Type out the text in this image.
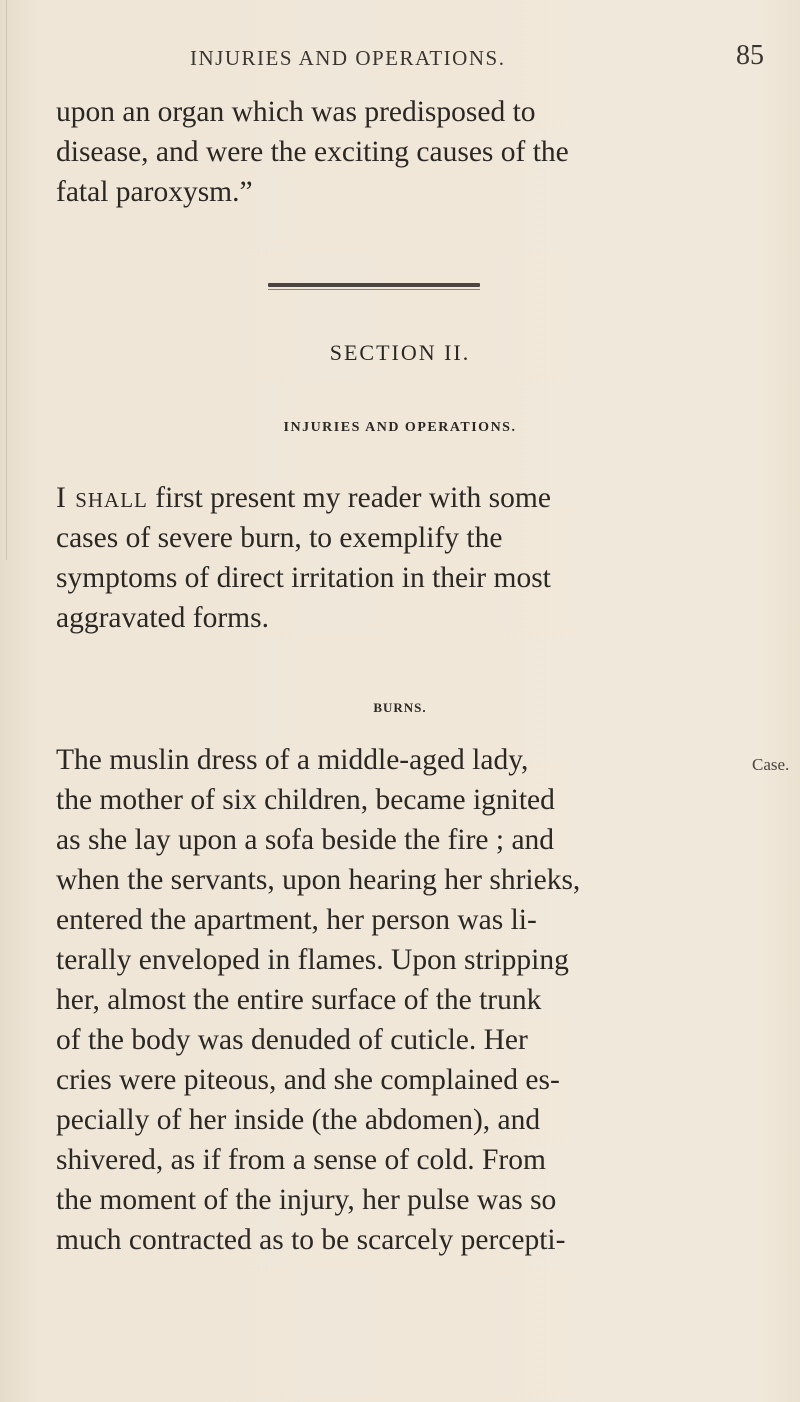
INJURIES AND OPERATIONS.	85
upon an organ which was predisposed to
disease, and were the exciting causes of the
fatal paroxysm.”
SECTION II.
INJURIES AND OPERATIONS.
I shall first present my reader with some
cases of severe burn, to exemplify the
symptoms of direct irritation in their most
aggravated forms.
BURNS.
Case.
The muslin dress of a middle-aged lady,
the mother of six children, became ignited
as she lay upon a sofa beside the fire ; and
when the servants, upon hearing her shrieks,
entered the apartment, her person was li-
terally enveloped in flames. Upon stripping
her, almost the entire surface of the trunk
of the body was denuded of cuticle. Her
cries were piteous, and she complained es-
pecially of her inside (the abdomen), and
shivered, as if from a sense of cold. From
the moment of the injury, her pulse was so
much contracted as to be scarcely percepti-
